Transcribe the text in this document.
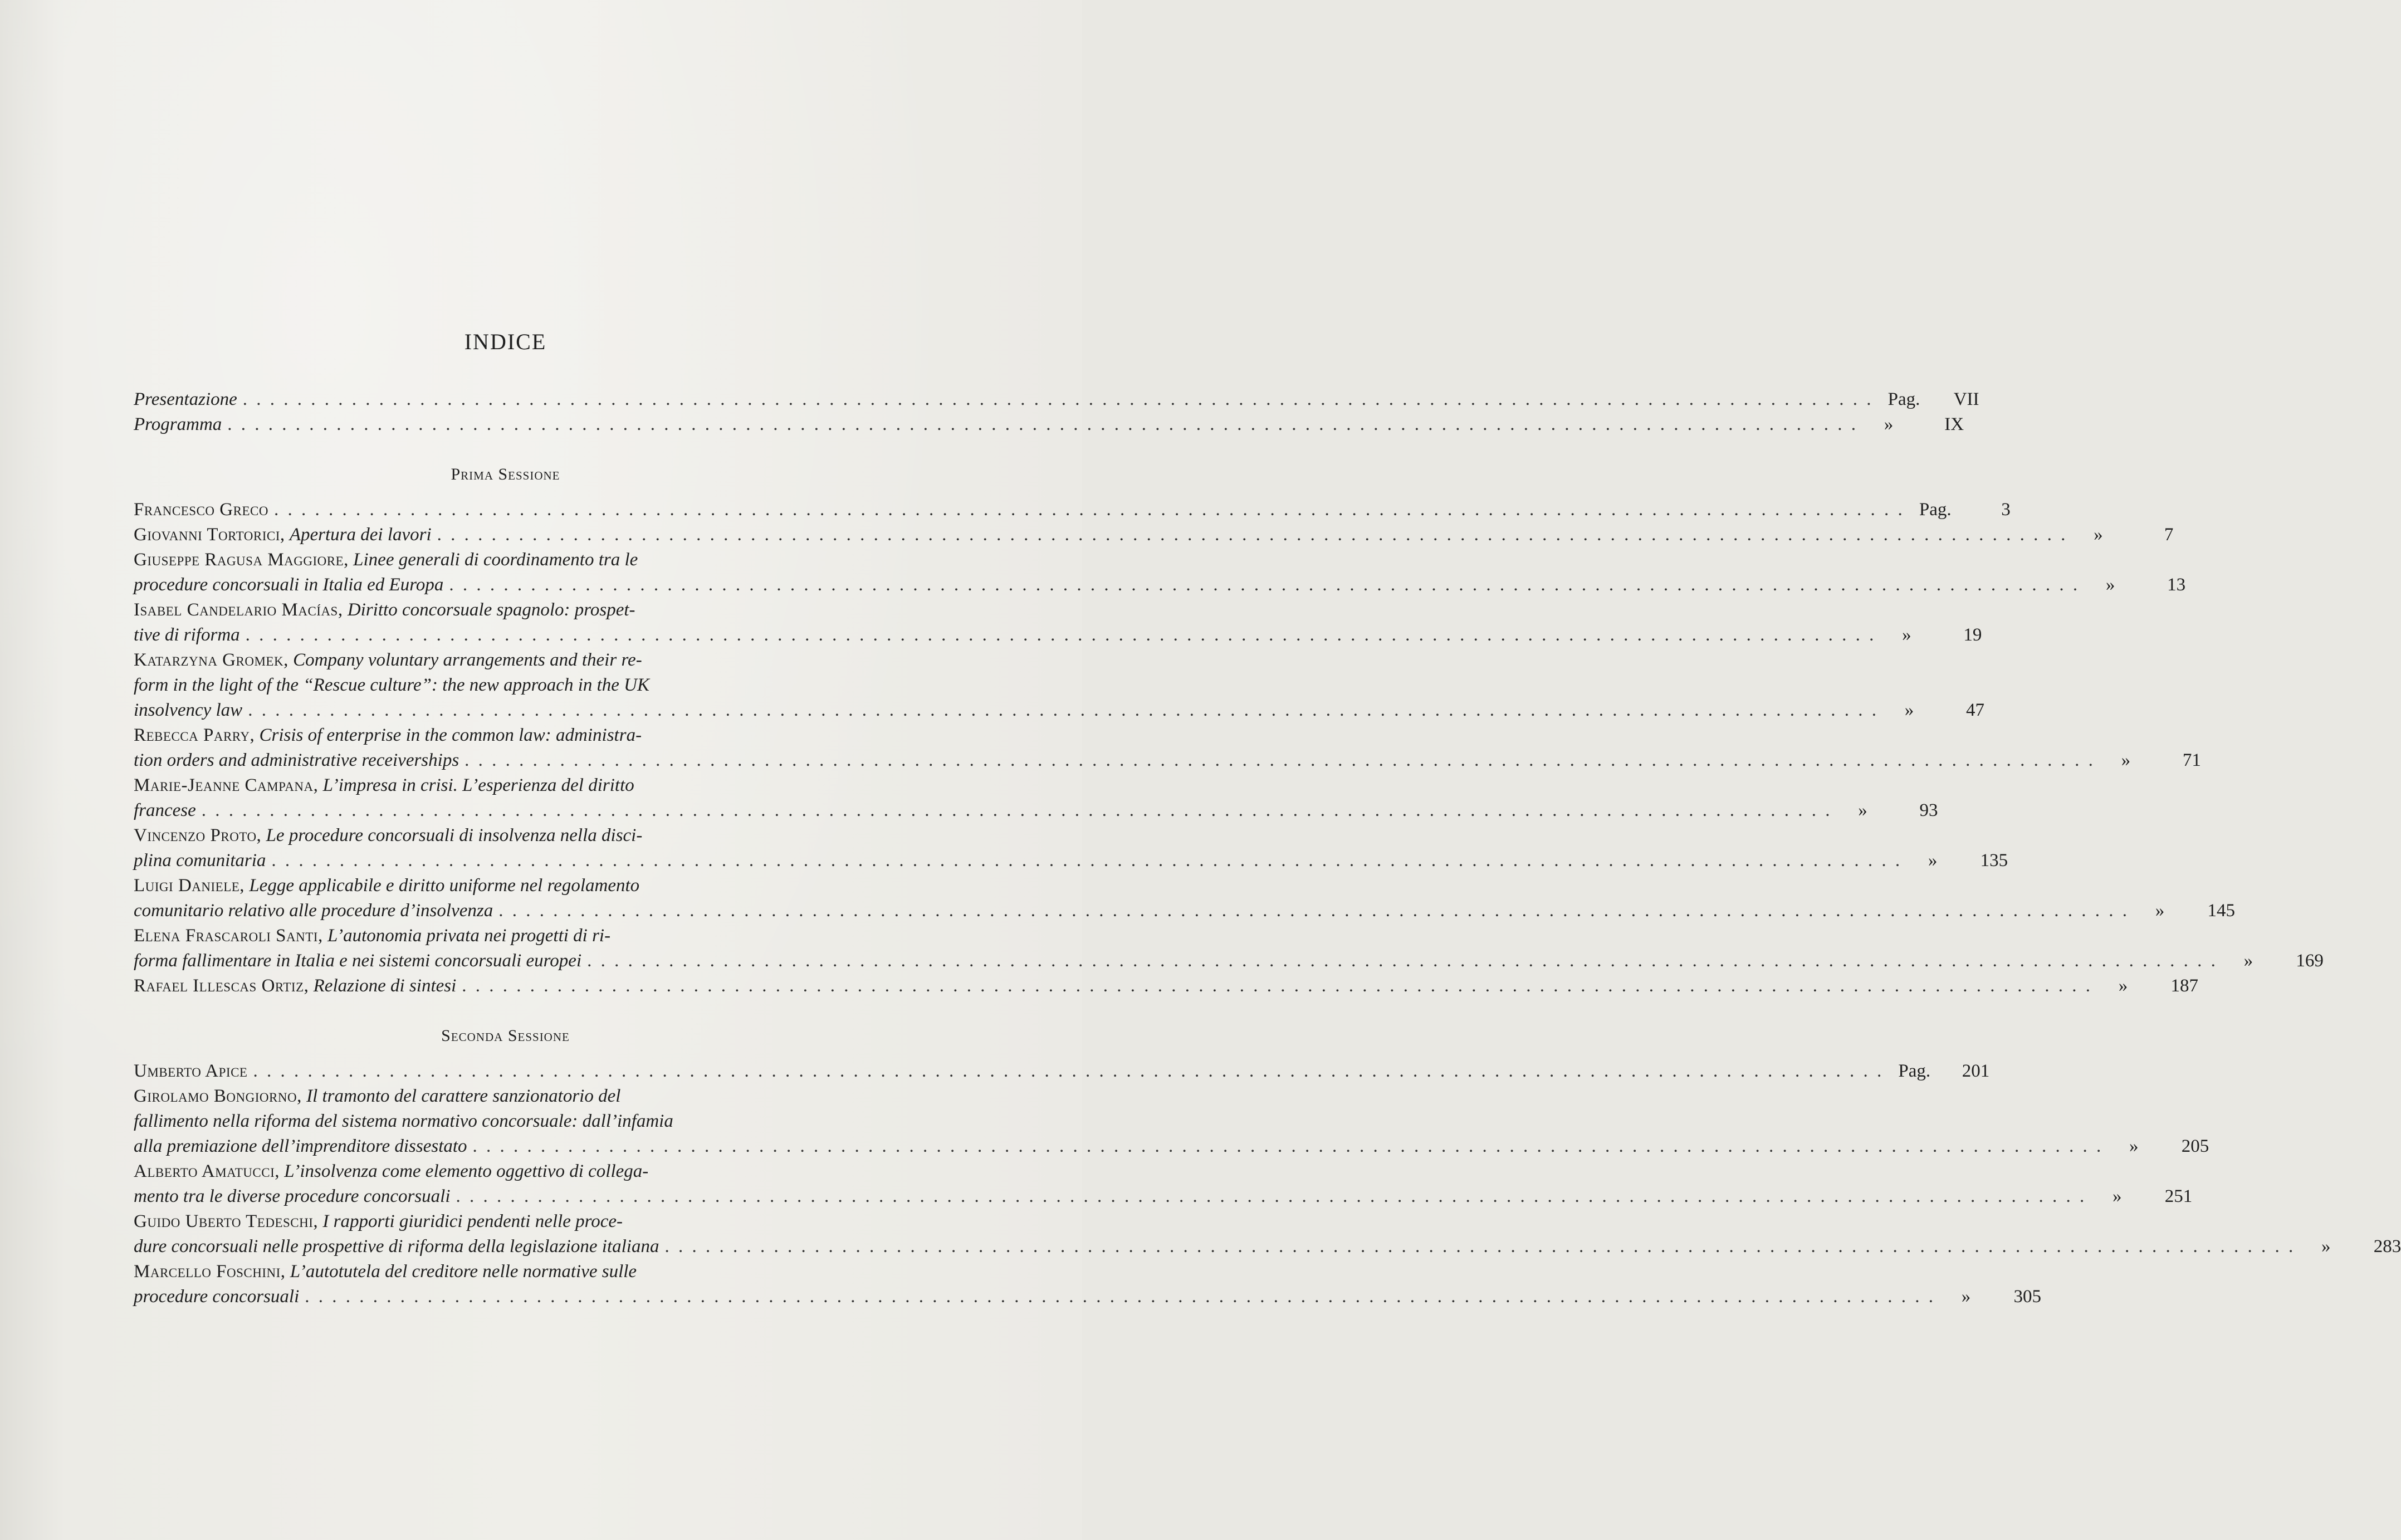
INDICE
Presentazione . . . . . . . . . . . . . . . . . . . . . . . . . . . . . . . . . . . . . . . . . . . . . . . . . . . . . . . . . . . . . . . . . . . . . . . . . . . . . . . . . . . . . . . . . . . . . . . . . . . . . . . . . . . . . . . . . . . . . . . . Pag.	VII
Programma . . . . . . . . . . . . . . . . . . . . . . . . . . . . . . . . . . . . . . . . . . . . . . . . . . . . . . . . . . . . . . . . . . . . . . . . . . . . . . . . . . . . . . . . . . . . . . . . . . . . . . . . . . . . . . . . . . . . . . . .	»	IX
Prima Sessione
Francesco Greco . . . . . . . . . . . . . . . . . . . . . . . . . . . . . . . . . . . . . . . . . . . . . . . . . . . . . . . . . . . . . . . . . . . . . . . . . . . . . . . . . . . . . . . . . . . . . . . . . . . . . . . . . . . . . . . . . . . . . . . . Pag.	3
Giovanni Tortorici, Apertura dei lavori . . . . . . . . . . . . . . . . . . . . . . . . . . . . . . . . . . . . . . . . . . . . . . . . . . . . . . . . . . . . . . . . . . . . . . . . . . . . . . . . . . . . . . . . . . . . . . . . . . . . . . . . . . . . . . . . . . . . . . . .	»	7
Giuseppe Ragusa Maggiore, Linee generali di coordinamento tra le
procedure concorsuali in Italia ed Europa . . . . . . . . . . . . . . . . . . . . . . . . . . . . . . . . . . . . . . . . . . . . . . . . . . . . . . . . . . . . . . . . . . . . . . . . . . . . . . . . . . . . . . . . . . . . . . . . . . . . . . . . . . . . . . . . . . . . . . . .	»	13
Isabel Candelario Macías, Diritto concorsuale spagnolo: prospet-
tive di riforma . . . . . . . . . . . . . . . . . . . . . . . . . . . . . . . . . . . . . . . . . . . . . . . . . . . . . . . . . . . . . . . . . . . . . . . . . . . . . . . . . . . . . . . . . . . . . . . . . . . . . . . . . . . . . . . . . . . . . . . .	»	19
Katarzyna Gromek, Company voluntary arrangements and their re-
form in the light of the “Rescue culture”: the new approach in the UK
insolvency law . . . . . . . . . . . . . . . . . . . . . . . . . . . . . . . . . . . . . . . . . . . . . . . . . . . . . . . . . . . . . . . . . . . . . . . . . . . . . . . . . . . . . . . . . . . . . . . . . . . . . . . . . . . . . . . . . . . . . . . .	»	47
Rebecca Parry, Crisis of enterprise in the common law: administra-
tion orders and administrative receiverships . . . . . . . . . . . . . . . . . . . . . . . . . . . . . . . . . . . . . . . . . . . . . . . . . . . . . . . . . . . . . . . . . . . . . . . . . . . . . . . . . . . . . . . . . . . . . . . . . . . . . . . . . . . . . . . . . . . . . . . .	»	71
Marie-Jeanne Campana, L’impresa in crisi. L’esperienza del diritto
francese . . . . . . . . . . . . . . . . . . . . . . . . . . . . . . . . . . . . . . . . . . . . . . . . . . . . . . . . . . . . . . . . . . . . . . . . . . . . . . . . . . . . . . . . . . . . . . . . . . . . . . . . . . . . . . . . . . . . . . . .	»	93
Vincenzo Proto, Le procedure concorsuali di insolvenza nella disci-
plina comunitaria . . . . . . . . . . . . . . . . . . . . . . . . . . . . . . . . . . . . . . . . . . . . . . . . . . . . . . . . . . . . . . . . . . . . . . . . . . . . . . . . . . . . . . . . . . . . . . . . . . . . . . . . . . . . . . . . . . . . . . . .	»	135
Luigi Daniele, Legge applicabile e diritto uniforme nel regolamento
comunitario relativo alle procedure d’insolvenza . . . . . . . . . . . . . . . . . . . . . . . . . . . . . . . . . . . . . . . . . . . . . . . . . . . . . . . . . . . . . . . . . . . . . . . . . . . . . . . . . . . . . . . . . . . . . . . . . . . . . . . . . . . . . . . . . . . . . . . .	»	145
Elena Frascaroli Santi, L’autonomia privata nei progetti di ri-
forma fallimentare in Italia e nei sistemi concorsuali europei . . . . . . . . . . . . . . . . . . . . . . . . . . . . . . . . . . . . . . . . . . . . . . . . . . . . . . . . . . . . . . . . . . . . . . . . . . . . . . . . . . . . . . . . . . . . . . . . . . . . . . . . . . . . . . . . . . . . . . . .	»	169
Rafael Illescas Ortiz, Relazione di sintesi . . . . . . . . . . . . . . . . . . . . . . . . . . . . . . . . . . . . . . . . . . . . . . . . . . . . . . . . . . . . . . . . . . . . . . . . . . . . . . . . . . . . . . . . . . . . . . . . . . . . . . . . . . . . . . . . . . . . . . . .	»	187
Seconda Sessione
Umberto Apice . . . . . . . . . . . . . . . . . . . . . . . . . . . . . . . . . . . . . . . . . . . . . . . . . . . . . . . . . . . . . . . . . . . . . . . . . . . . . . . . . . . . . . . . . . . . . . . . . . . . . . . . . . . . . . . . . . . . . . . . Pag.	201
Girolamo Bongiorno, Il tramonto del carattere sanzionatorio del
fallimento nella riforma del sistema normativo concorsuale: dall’infamia
alla premiazione dell’imprenditore dissestato . . . . . . . . . . . . . . . . . . . . . . . . . . . . . . . . . . . . . . . . . . . . . . . . . . . . . . . . . . . . . . . . . . . . . . . . . . . . . . . . . . . . . . . . . . . . . . . . . . . . . . . . . . . . . . . . . . . . . . . .	»	205
Alberto Amatucci, L’insolvenza come elemento oggettivo di collega-
mento tra le diverse procedure concorsuali . . . . . . . . . . . . . . . . . . . . . . . . . . . . . . . . . . . . . . . . . . . . . . . . . . . . . . . . . . . . . . . . . . . . . . . . . . . . . . . . . . . . . . . . . . . . . . . . . . . . . . . . . . . . . . . . . . . . . . . .	»	251
Guido Uberto Tedeschi, I rapporti giuridici pendenti nelle proce-
dure concorsuali nelle prospettive di riforma della legislazione italiana . . . . . . . . . . . . . . . . . . . . . . . . . . . . . . . . . . . . . . . . . . . . . . . . . . . . . . . . . . . . . . . . . . . . . . . . . . . . . . . . . . . . . . . . . . . . . . . . . . . . . . . . . . . . . . . . . . . . . . . .	»	283
Marcello Foschini, L’autotutela del creditore nelle normative sulle
procedure concorsuali . . . . . . . . . . . . . . . . . . . . . . . . . . . . . . . . . . . . . . . . . . . . . . . . . . . . . . . . . . . . . . . . . . . . . . . . . . . . . . . . . . . . . . . . . . . . . . . . . . . . . . . . . . . . . . . . . . . . . . . .	»	305
